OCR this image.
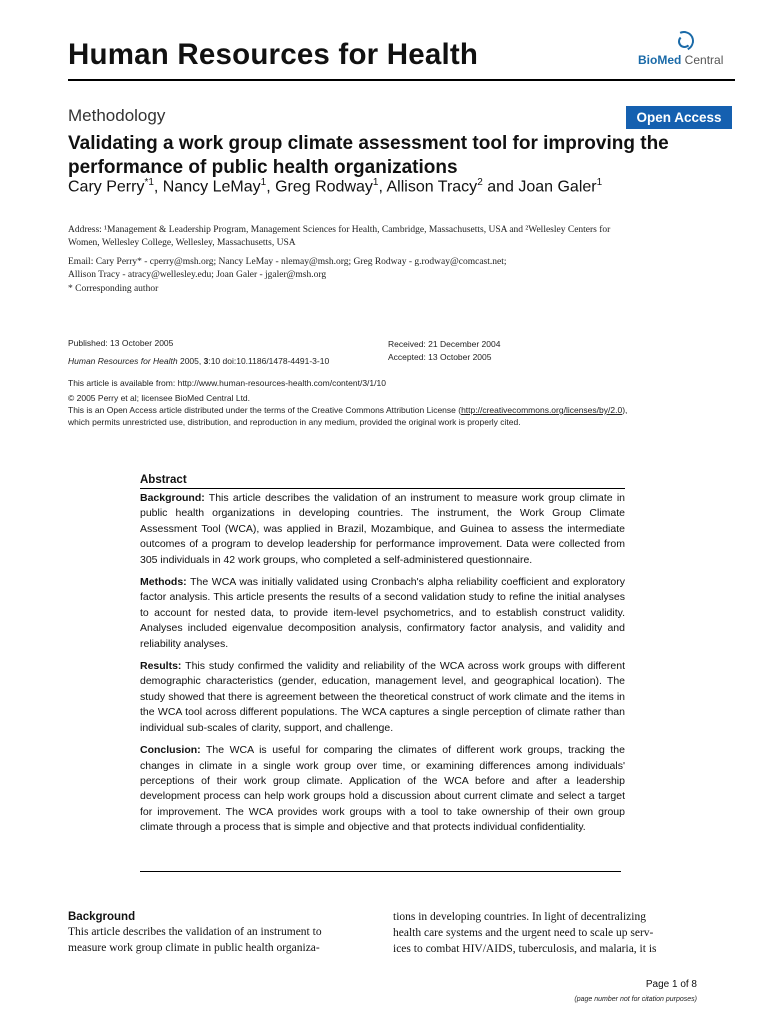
Human Resources for Health	BioMed Central
Methodology	Open Access
Validating a work group climate assessment tool for improving the
performance of public health organizations
Cary Perry$^{*1}$, Nancy LeMay$^1$, Greg Rodway$^1$, Allison Tracy$^2$ and Joan Galer$^1$
Address: ¹Management & Leadership Program, Management Sciences for Health, Cambridge, Massachusetts, USA and ²Wellesley Centers for
Women, Wellesley College, Wellesley, Massachusetts, USA
Email: Cary Perry* - cperry@msh.org; Nancy LeMay - nlemay@msh.org; Greg Rodway - g.rodway@comcast.net;
Allison Tracy - atracy@wellesley.edu; Joan Galer - jgaler@msh.org
* Corresponding author
Published: 13 October 2005
Human Resources for Health 2005, 3:10 doi:10.1186/1478-4491-3-10
Received: 21 December 2004
Accepted: 13 October 2005
This article is available from: http://www.human-resources-health.com/content/3/1/10
© 2005 Perry et al; licensee BioMed Central Ltd.
This is an Open Access article distributed under the terms of the Creative Commons Attribution License (http://creativecommons.org/licenses/by/2.0),
which permits unrestricted use, distribution, and reproduction in any medium, provided the original work is properly cited.
Abstract

Background: This article describes the validation of an instrument to measure work group climate in public health organizations in developing countries. The instrument, the Work Group Climate Assessment Tool (WCA), was applied in Brazil, Mozambique, and Guinea to assess the intermediate outcomes of a program to develop leadership for performance improvement. Data were collected from 305 individuals in 42 work groups, who completed a self-administered questionnaire.

Methods: The WCA was initially validated using Cronbach's alpha reliability coefficient and exploratory factor analysis. This article presents the results of a second validation study to refine the initial analyses to account for nested data, to provide item-level psychometrics, and to establish construct validity. Analyses included eigenvalue decomposition analysis, confirmatory factor analysis, and validity and reliability analyses.

Results: This study confirmed the validity and reliability of the WCA across work groups with different demographic characteristics (gender, education, management level, and geographical location). The study showed that there is agreement between the theoretical construct of work climate and the items in the WCA tool across different populations. The WCA captures a single perception of climate rather than individual sub-scales of clarity, support, and challenge.

Conclusion: The WCA is useful for comparing the climates of different work groups, tracking the changes in climate in a single work group over time, or examining differences among individuals' perceptions of their work group climate. Application of the WCA before and after a leadership development process can help work groups hold a discussion about current climate and select a target for improvement. The WCA provides work groups with a tool to take ownership of their own group climate through a process that is simple and objective and that protects individual confidentiality.

Background
This article describes the validation of an instrument to
measure work group climate in public health organiza-
tions in developing countries. In light of decentralizing
health care systems and the urgent need to scale up serv-
ices to combat HIV/AIDS, tuberculosis, and malaria, it is
Page 1 of 8
(page number not for citation purposes)
